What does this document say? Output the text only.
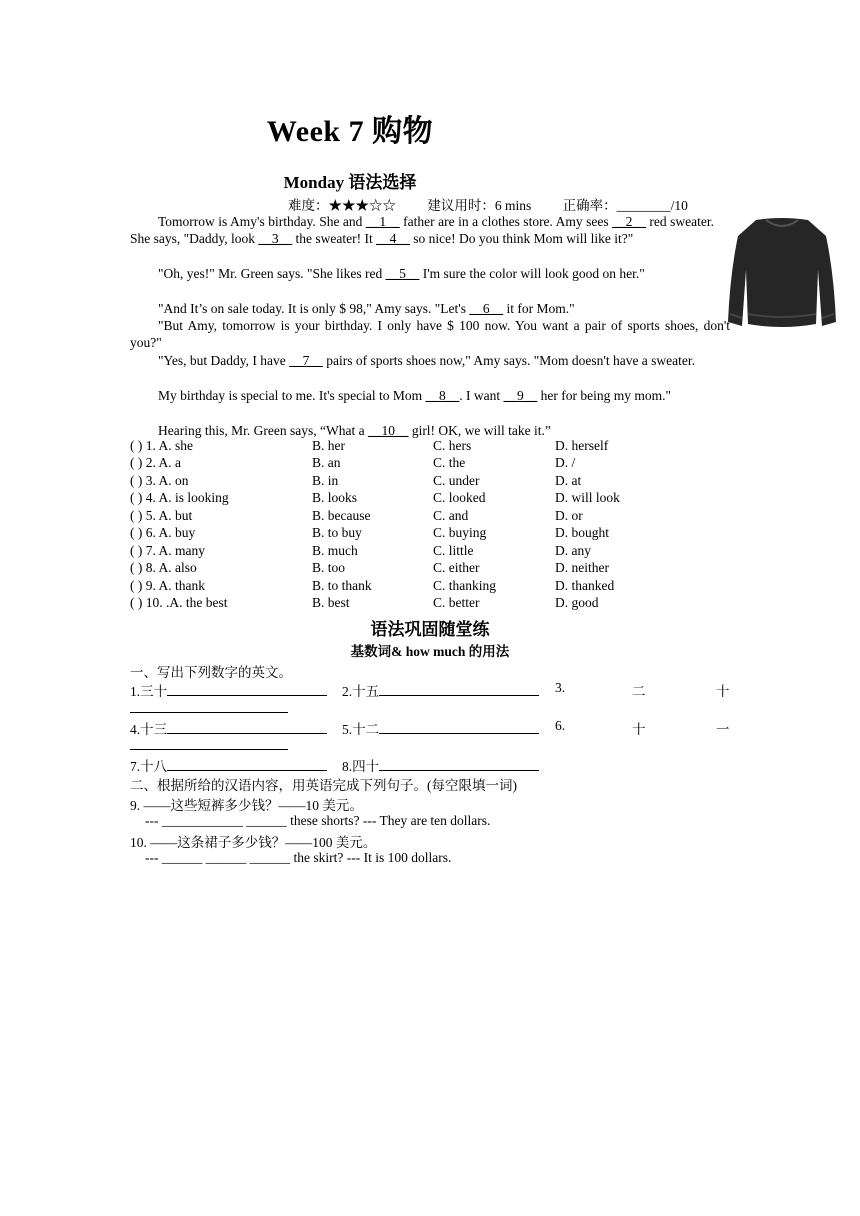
Week 7 购物
Monday 语法选择
难度：★★★☆☆ 建议用时：6 mins 正确率：________/10
Tomorrow is Amy's birthday. She and __1__ father are in a clothes store. Amy sees __2__ red sweater. She says, "Daddy, look __3__ the sweater! It __4__ so nice! Do you think Mom will like it?"
"Oh, yes!" Mr. Green says. "She likes red __5__ I'm sure the color will look good on her."
"And It’s on sale today. It is only $ 98," Amy says. "Let's __6__ it for Mom."
"But Amy, tomorrow is your birthday. I only have $ 100 now. You want a pair of sports shoes, don't you?"
"Yes, but Daddy, I have __7__ pairs of sports shoes now," Amy says. "Mom doesn't have a sweater.
My birthday is special to me. It's special to Mom __8__. I want __9__ her for being my mom."
Hearing this, Mr. Green says, “What a __10__ girl! OK, we will take it.”
( ) 1. A. she	B. her	C. hers	D. herself
( ) 2. A. a	B. an	C. the	D. /
( ) 3. A. on	B. in	C. under	D. at
( ) 4. A. is looking	B. looks	C. looked	D. will look
( ) 5. A. but	B. because	C. and	D. or
( ) 6. A. buy	B. to buy	C. buying	D. bought
( ) 7. A. many	B. much	C. little	D. any
( ) 8. A. also	B. too	C. either	D. neither
( ) 9. A. thank	B. to thank	C. thanking	D. thanked
( ) 10. .A. the best	B. best	C. better	D. good
语法巩固随堂练
基数词& how much 的用法
一、写出下列数字的英文。
1.三十	2.十五	3.	二	十
4.十三	5.十二	6.	十	一
7.十八	8.四十
二、根据所给的汉语内容，用英语完成下列句子。(每空限填一词)
9. ——这些短裤多少钱？——10 美元。
--- ____________ ______ these shorts? --- They are ten dollars.
10. ——这条裙子多少钱？——100 美元。
--- ______ ______ ______ the skirt? --- It is 100 dollars.
